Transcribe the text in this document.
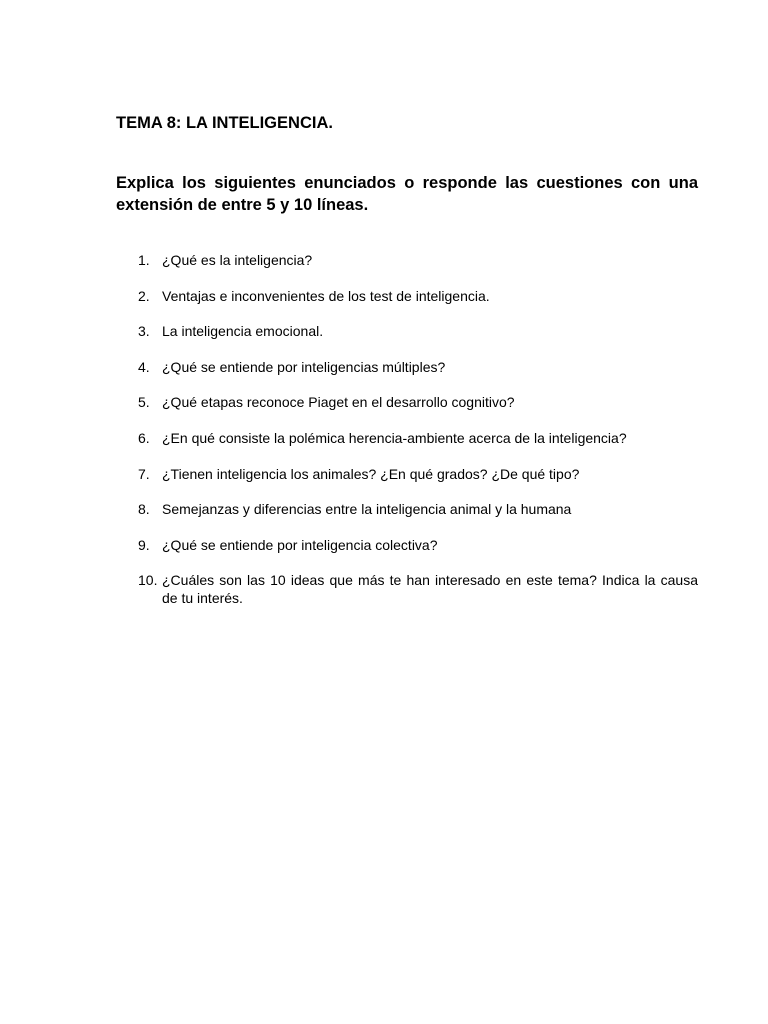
TEMA 8: LA INTELIGENCIA.

Explica los siguientes enunciados o responde las cuestiones con una extensión de entre 5 y 10 líneas.

1. ¿Qué es la inteligencia?
2. Ventajas e inconvenientes de los test de inteligencia.
3. La inteligencia emocional.
4. ¿Qué se entiende por inteligencias múltiples?
5. ¿Qué etapas reconoce Piaget en el desarrollo cognitivo?
6. ¿En qué consiste la polémica herencia-ambiente acerca de la inteligencia?
7. ¿Tienen inteligencia los animales? ¿En qué grados? ¿De qué tipo?
8. Semejanzas y diferencias entre la inteligencia animal y la humana
9. ¿Qué se entiende por inteligencia colectiva?
10. ¿Cuáles son las 10 ideas que más te han interesado en este tema? Indica la causa de tu interés.
